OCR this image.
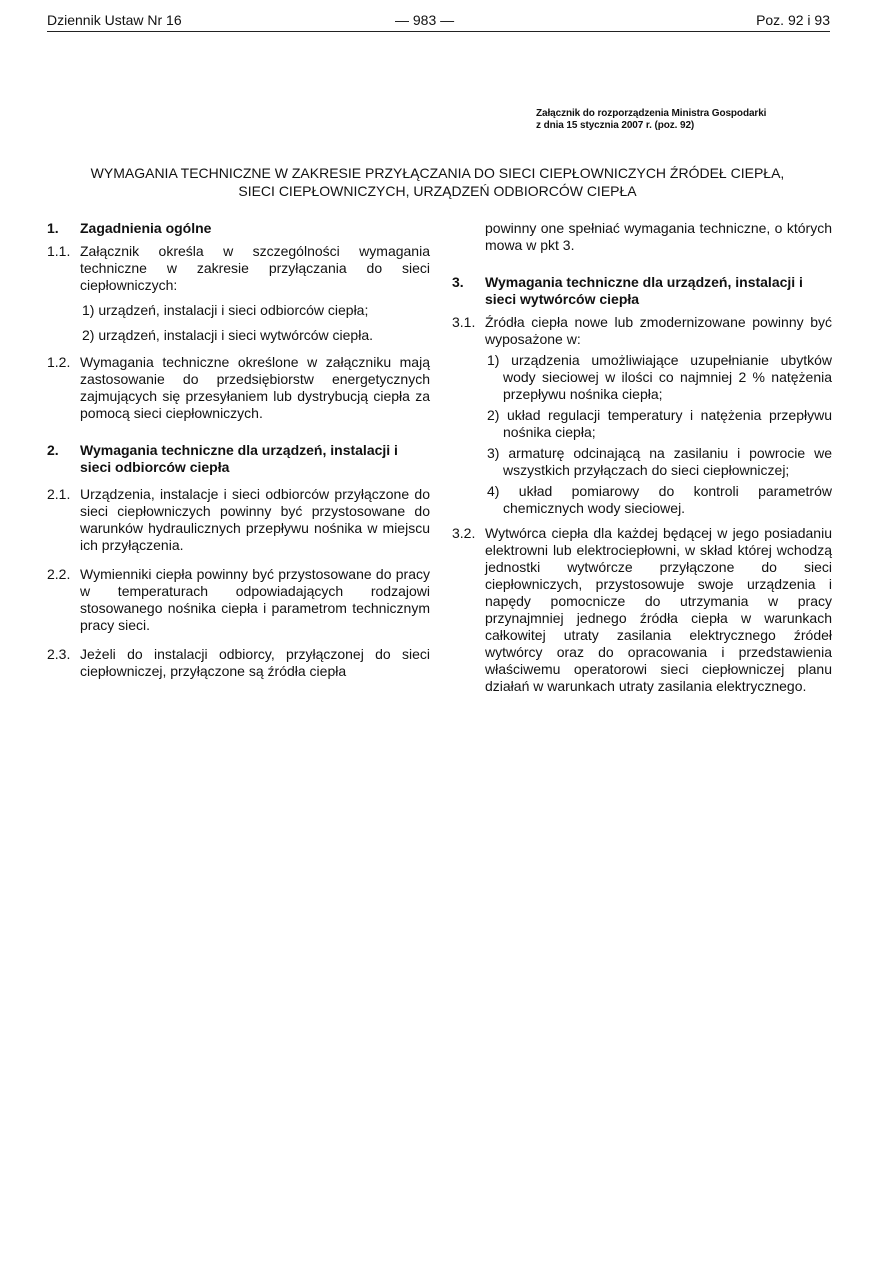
Dziennik Ustaw Nr 16	— 983 —	Poz. 92 i 93
Załącznik do rozporządzenia Ministra Gospodarki
z dnia 15 stycznia 2007 r. (poz. 92)
WYMAGANIA TECHNICZNE W ZAKRESIE PRZYŁĄCZANIA DO SIECI CIEPŁOWNICZYCH ŹRÓDEŁ CIEPŁA,
SIECI CIEPŁOWNICZYCH, URZĄDZEŃ ODBIORCÓW CIEPŁA
1.	Zagadnienia ogólne
1.1. Załącznik określa w szczególności wymagania techniczne w zakresie przyłączania do sieci ciepłowniczych:
1) urządzeń, instalacji i sieci odbiorców ciepła;
2) urządzeń, instalacji i sieci wytwórców ciepła.
1.2. Wymagania techniczne określone w załączniku mają zastosowanie do przedsiębiorstw energetycznych zajmujących się przesyłaniem lub dystrybucją ciepła za pomocą sieci ciepłowniczych.
2.	Wymagania techniczne dla urządzeń, instalacji i sieci odbiorców ciepła
2.1. Urządzenia, instalacje i sieci odbiorców przyłączone do sieci ciepłowniczych powinny być przystosowane do warunków hydraulicznych przepływu nośnika w miejscu ich przyłączenia.
2.2. Wymienniki ciepła powinny być przystosowane do pracy w temperaturach odpowiadających rodzajowi stosowanego nośnika ciepła i parametrom technicznym pracy sieci.
2.3. Jeżeli do instalacji odbiorcy, przyłączonej do sieci ciepłowniczej, przyłączone są źródła ciepła
powinny one spełniać wymagania techniczne, o których mowa w pkt 3.
3.	Wymagania techniczne dla urządzeń, instalacji i sieci wytwórców ciepła
3.1. Źródła ciepła nowe lub zmodernizowane powinny być wyposażone w:
1) urządzenia umożliwiające uzupełnianie ubytków wody sieciowej w ilości co najmniej 2 % natężenia przepływu nośnika ciepła;
2) układ regulacji temperatury i natężenia przepływu nośnika ciepła;
3) armaturę odcinającą na zasilaniu i powrocie we wszystkich przyłączach do sieci ciepłowniczej;
4) układ pomiarowy do kontroli parametrów chemicznych wody sieciowej.
3.2. Wytwórca ciepła dla każdej będącej w jego posiadaniu elektrowni lub elektrociepłowni, w skład której wchodzą jednostki wytwórcze przyłączone do sieci ciepłowniczych, przystosowuje swoje urządzenia i napędy pomocnicze do utrzymania w pracy przynajmniej jednego źródła ciepła w warunkach całkowitej utraty zasilania elektrycznego źródeł wytwórcy oraz do opracowania i przedstawienia właściwemu operatorowi sieci ciepłowniczej planu działań w warunkach utraty zasilania elektrycznego.
